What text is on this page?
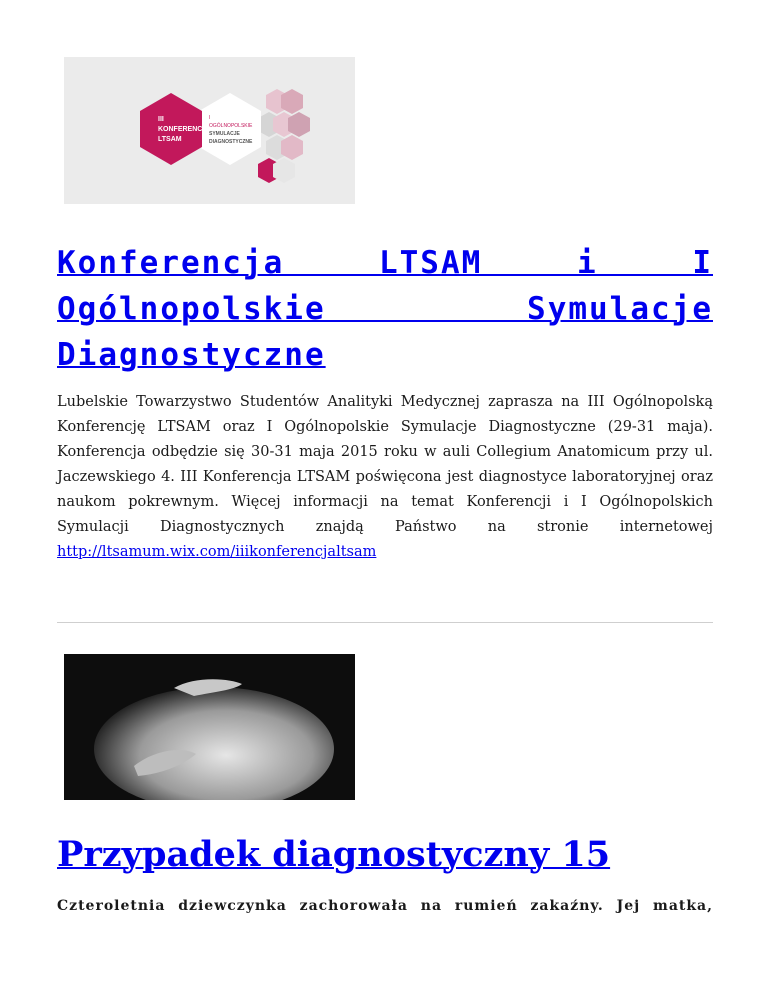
III
KONFERENCJA
LTSAM
I
OGÓLNOPOLSKIE
SYMULACJE
DIAGNOSTYCZNE
Konferencja LTSAM i I Ogólnopolskie Symulacje Diagnostyczne

Lubelskie Towarzystwo Studentów Analityki Medycznej zaprasza na III Ogólnopolską Konferencję LTSAM oraz I Ogólnopolskie Symulacje Diagnostyczne (29-31 maja). Konferencja odbędzie się 30-31 maja 2015 roku w auli Collegium Anatomicum przy ul. Jaczewskiego 4. III Konferencja LTSAM poświęcona jest diagnostyce laboratoryjnej oraz naukom pokrewnym. Więcej informacji na temat Konferencji i I Ogólnopolskich Symulacji Diagnostycznych znajdą Państwo na stronie internetowej http://ltsamum.wix.com/iiikonferencjaltsam

Przypadek diagnostyczny 15

Czteroletnia dziewczynka zachorowała na rumień zakaźny. Jej matka,
